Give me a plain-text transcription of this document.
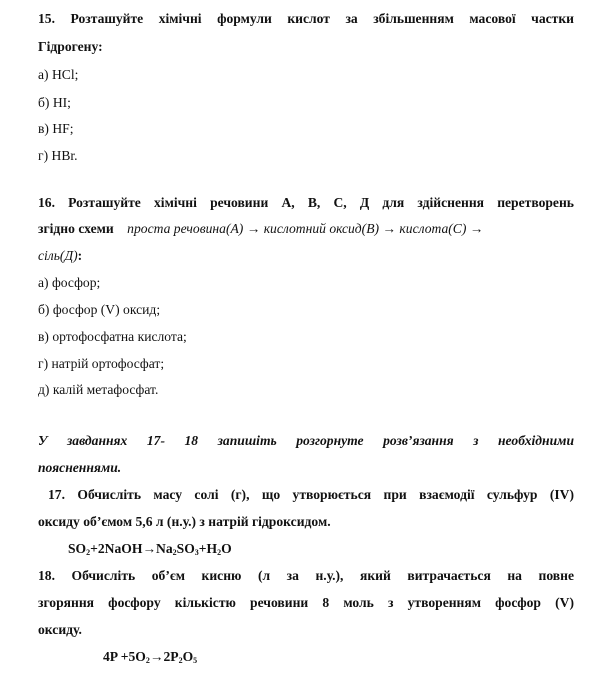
15. Розташуйте хімічні формули кислот за збільшенням масової частки
Гідрогену:
а) HCl;
б) HI;
в) HF;
г) HBr.
16. Розташуйте хімічні речовини А, В, С, Д для здійснення перетворень
згідно схеми проста речовина(А) → кислотний оксид(В) → кислота(С) →
сіль(Д):
а) фосфор;
б) фосфор (V) оксид;
в) ортофосфатна кислота;
г) натрій ортофосфат;
д) калій метафосфат.
У завданнях 17- 18 запишіть розгорнуте розв’язання з необхідними
поясненнями.
17. Обчисліть масу солі (г), що утворюється при взаємодії сульфур (IV)
оксиду об’ємом 5,6 л (н.у.) з натрій гідроксидом.
$SO_2+2NaOH\to Na_2SO_3+H_2O$
18. Обчисліть об’єм кисню (л за н.у.), який витрачається на повне
згоряння фосфору кількістю речовини 8 моль з утворенням фосфор (V)
оксиду.
$4P +5O_2\to 2P_2O_5$
